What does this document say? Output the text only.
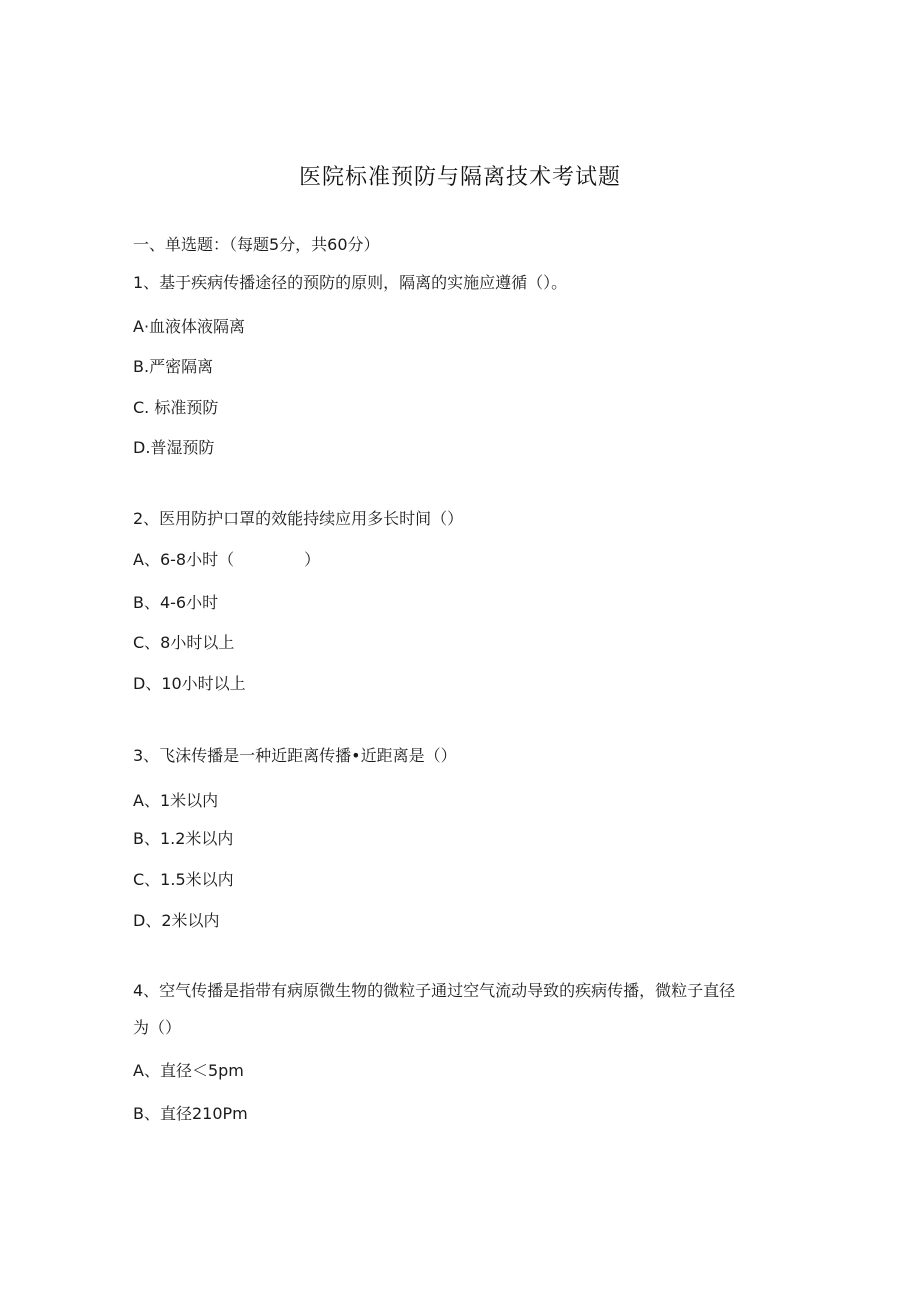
医院标准预防与隔离技术考试题
一、单选题：（每题5分，共60分）
1、基于疾病传播途径的预防的原则，隔离的实施应遵循（）。
A·血液体液隔离
B.严密隔离
C. 标准预防
D.普湿预防
2、医用防护口罩的效能持续应用多长时间（）
A、6-8小时（	）
B、4-6小时
C、8小时以上
D、10小时以上
3、飞沫传播是一种近距离传播•近距离是（）
A、1米以内
B、1.2米以内
C、1.5米以内
D、2米以内
4、空气传播是指带有病原微生物的微粒子通过空气流动导致的疾病传播，微粒子直径
为（）
A、直径＜5pm
B、直径210Pm
